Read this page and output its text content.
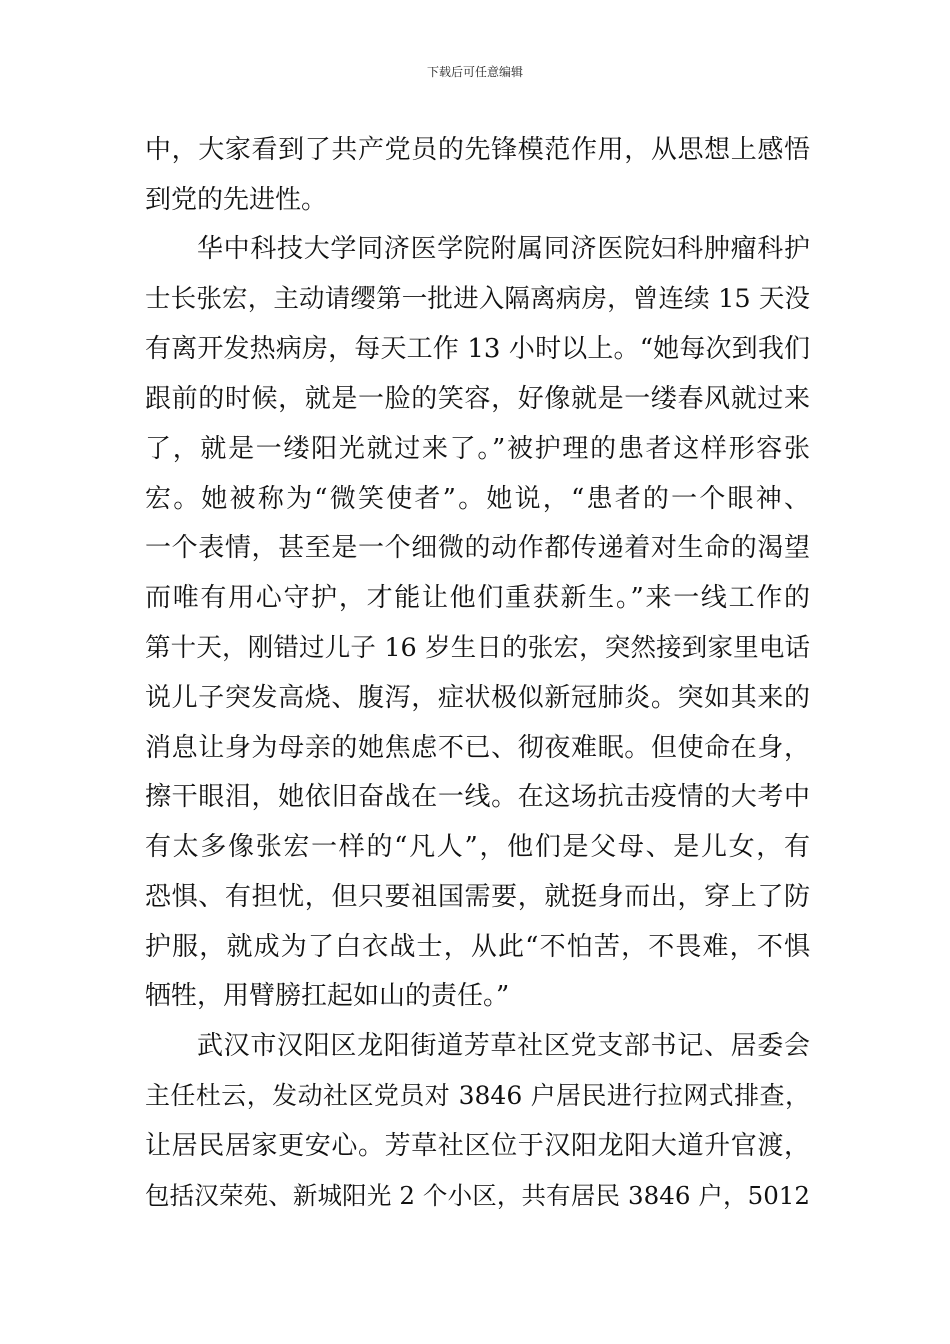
下载后可任意编辑
中，大家看到了共产党员的先锋模范作用，从思想上感悟
到党的先进性。
华中科技大学同济医学院附属同济医院妇科肿瘤科护
士长张宏，主动请缨第一批进入隔离病房，曾连续 15 天没
有离开发热病房，每天工作 13 小时以上。“她每次到我们
跟前的时候，就是一脸的笑容，好像就是一缕春风就过来
了，就是一缕阳光就过来了。”被护理的患者这样形容张
宏。她被称为“微笑使者”。她说，“患者的一个眼神、
一个表情，甚至是一个细微的动作都传递着对生命的渴望
而唯有用心守护，才能让他们重获新生。”来一线工作的
第十天，刚错过儿子 16 岁生日的张宏，突然接到家里电话
说儿子突发高烧、腹泻，症状极似新冠肺炎。突如其来的
消息让身为母亲的她焦虑不已、彻夜难眠。但使命在身，
擦干眼泪，她依旧奋战在一线。在这场抗击疫情的大考中
有太多像张宏一样的“凡人”，他们是父母、是儿女，有
恐惧、有担忧，但只要祖国需要，就挺身而出，穿上了防
护服，就成为了白衣战士，从此“不怕苦，不畏难，不惧
牺牲，用臂膀扛起如山的责任。”
武汉市汉阳区龙阳街道芳草社区党支部书记、居委会
主任杜云，发动社区党员对 3846 户居民进行拉网式排查，
让居民居家更安心。芳草社区位于汉阳龙阳大道升官渡，
包括汉荣苑、新城阳光 2 个小区，共有居民 3846 户，5012
